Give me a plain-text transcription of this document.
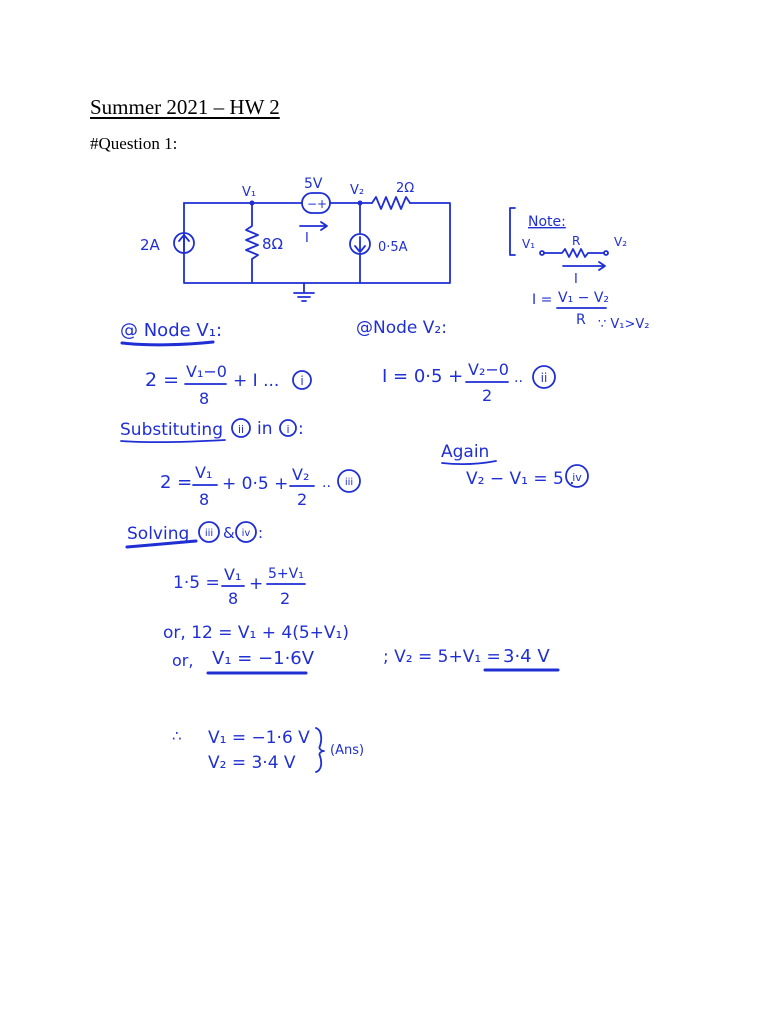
Summer 2021 – HW 2
#Question 1:
2A	8Ω
V₁	V₂
− +
5V	2Ω
I
0·5A
Note:
V₁	R	V₂
I
I = V₁ − V₂
R ∵ V₁>V₂
@ Node V₁:	@Node V₂:
2 = V₁−0
8
+ I ... i	I = 0·5 + V₂−0
2
.. ii
Substituting ii in i :
Again
V₂ − V₁ = 5 .
iv
2 = V₁
8
+ 0·5 + V₂
2
.. iii
Solving iii & iv :
1·5 = V₁
8
+ 5+V₁
2
or, 12 = V₁ + 4(5+V₁)
or, V₁ = −1·6V	; V₂ = 5+V₁ = 3·4 V
∴ V₁ = −1·6 V
V₂ = 3·4 V
(Ans)
